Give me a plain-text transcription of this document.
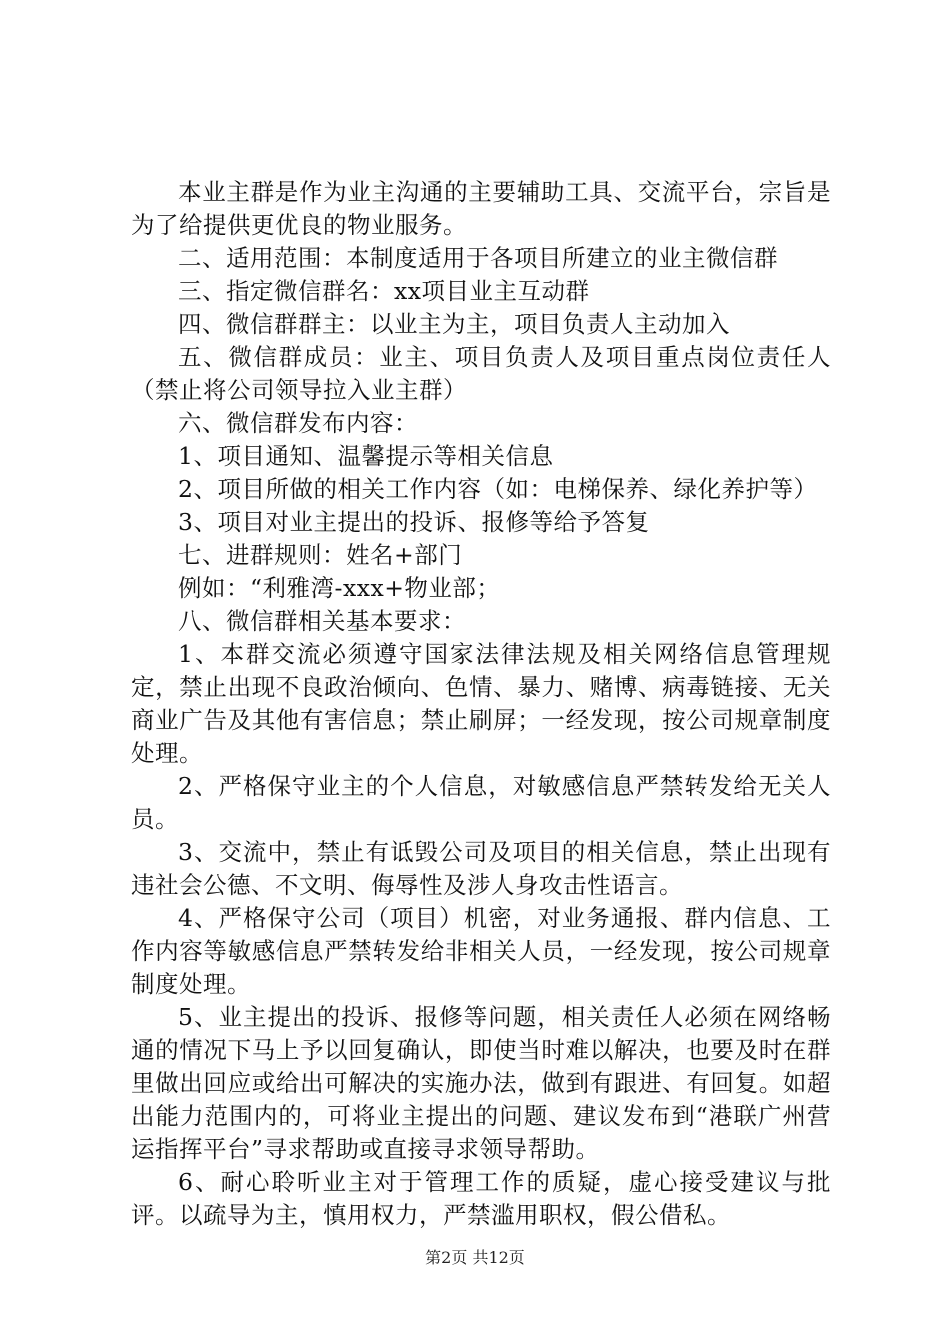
本业主群是作为业主沟通的主要辅助工具、交流平台，宗旨是为了给提供更优良的物业服务。

二、适用范围：本制度适用于各项目所建立的业主微信群

三、指定微信群名：xx项目业主互动群

四、微信群群主：以业主为主，项目负责人主动加入

五、微信群成员：业主、项目负责人及项目重点岗位责任人（禁止将公司领导拉入业主群）

六、微信群发布内容：

1、项目通知、温馨提示等相关信息

2、项目所做的相关工作内容（如：电梯保养、绿化养护等）

3、项目对业主提出的投诉、报修等给予答复

七、进群规则：姓名+部门

例如：“利雅湾-xxx+物业部；

八、微信群相关基本要求：

1、本群交流必须遵守国家法律法规及相关网络信息管理规定，禁止出现不良政治倾向、色情、暴力、赌博、病毒链接、无关商业广告及其他有害信息；禁止刷屏；一经发现，按公司规章制度处理。

2、严格保守业主的个人信息，对敏感信息严禁转发给无关人员。

3、交流中，禁止有诋毁公司及项目的相关信息，禁止出现有违社会公德、不文明、侮辱性及涉人身攻击性语言。

4、严格保守公司（项目）机密，对业务通报、群内信息、工作内容等敏感信息严禁转发给非相关人员，一经发现，按公司规章制度处理。

5、业主提出的投诉、报修等问题，相关责任人必须在网络畅通的情况下马上予以回复确认，即使当时难以解决，也要及时在群里做出回应或给出可解决的实施办法，做到有跟进、有回复。如超出能力范围内的，可将业主提出的问题、建议发布到“港联广州营运指挥平台”寻求帮助或直接寻求领导帮助。

6、耐心聆听业主对于管理工作的质疑，虚心接受建议与批评。以疏导为主，慎用权力，严禁滥用职权，假公借私。

第2页 共12页
